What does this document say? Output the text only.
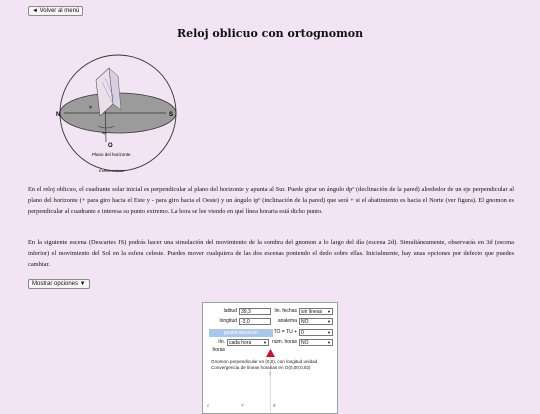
◄ Volver al menú
Reloj oblicuo con ortognomon
N	S
ip
dp
O
Plano del horizonte
Esfera celeste

En el reloj oblicuo, el cuadrante solar inicial es perpendicular al plano del horizonte y apunta al Sur. Puede girar un ángulo dpº (declinación de la pared) alrededor de un eje perpendicular al plano del horizonte (+ para giro hacia el Este y - para giro hacia el Oeste) y un ángulo ipº (inclinación de la pared) que será + si el abatimiento es hacia el Norte (ver figura). El gnomon es perpendicular al cuadrante e interesa su punto extremo. La hora se lee viendo en qué línea horaria está dicho punto.

En la siguiente escena (Descartes JS) podrás hacer una simulación del movimiento de la sombra del gnomon a lo largo del día (escena 2d). Simultáneamente, observarás en 3d (escena inferior) el movimiento del Sol en la esfera celeste. Puedes mover cualquiera de las dos escenas poniendo el dedo sobre ellas. Inicialmente, hay unas opciones por defecto que puedes cambiar.

Mostrar opciones ▼
latitud 39,3	lin. fechas sin líneas ▼
longitud -3,0	analema NO	▼
geolocalización	TO = TU + 0	▼
lín. horas
cada hora	▼ núm. horas NO	▼
Gnomon perpendicular en (0,0), con longitud unidad
Convergencia de líneas horarias en O(0,00;0,82)
z
c	7	9
